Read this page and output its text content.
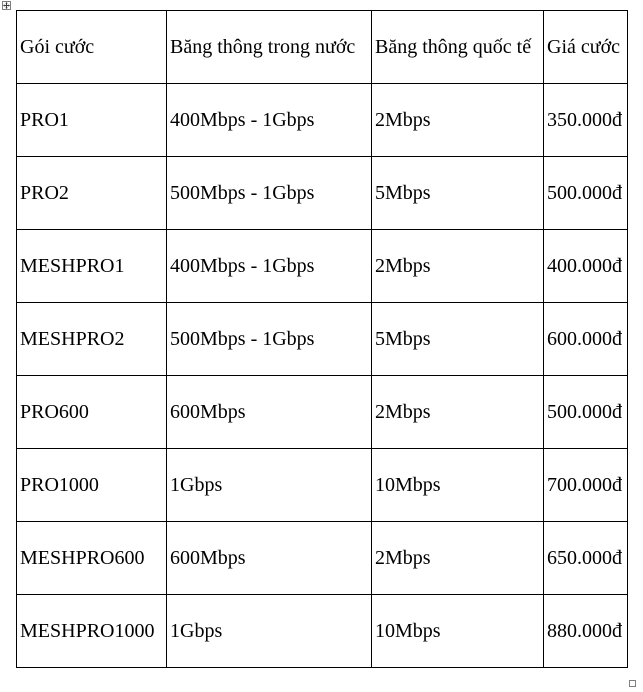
Gói cước	Băng thông trong nước	Băng thông quốc tế	Giá cước
PRO1	400Mbps - 1Gbps	2Mbps	350.000đ
PRO2	500Mbps - 1Gbps	5Mbps	500.000đ
MESHPRO1	400Mbps - 1Gbps	2Mbps	400.000đ
MESHPRO2	500Mbps - 1Gbps	5Mbps	600.000đ
PRO600	600Mbps	2Mbps	500.000đ
PRO1000	1Gbps	10Mbps	700.000đ
MESHPRO600	600Mbps	2Mbps	650.000đ
MESHPRO1000	1Gbps	10Mbps	880.000đ
